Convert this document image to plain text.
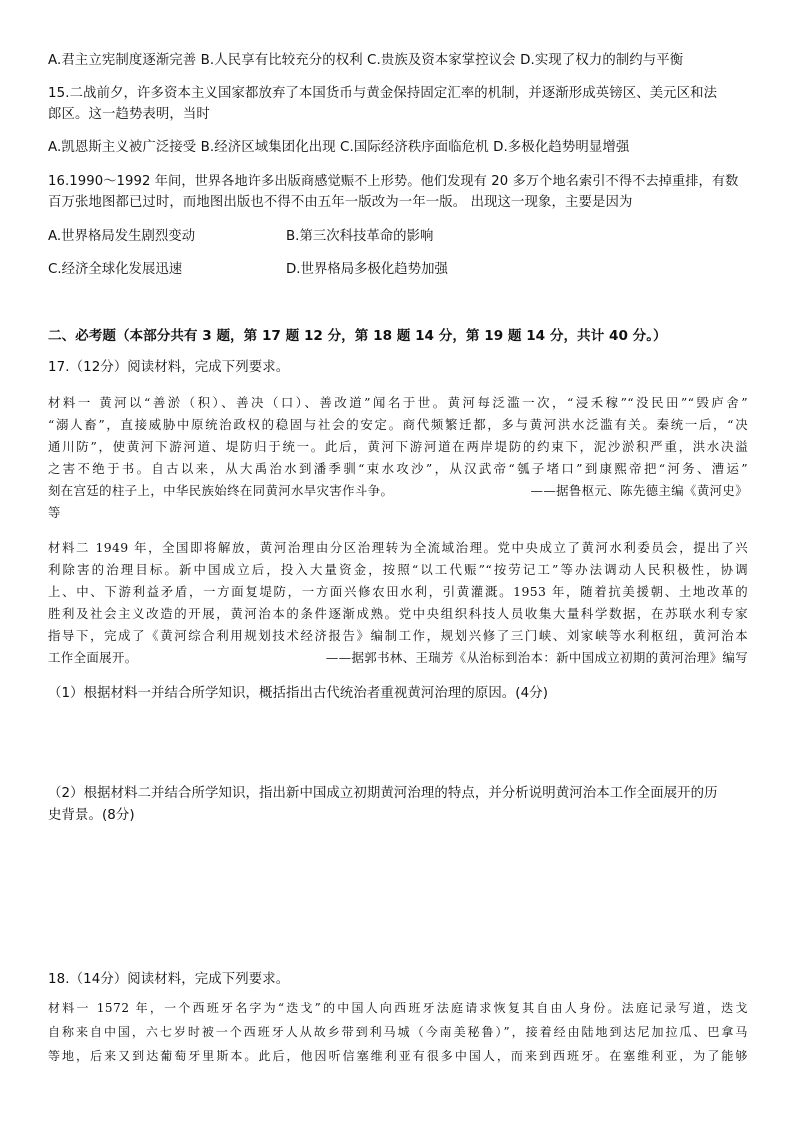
A.君主立宪制度逐渐完善 B.人民享有比较充分的权利 C.贵族及资本家掌控议会 D.实现了权力的制约与平衡
15.二战前夕，许多资本主义国家都放弃了本国货币与黄金保持固定汇率的机制，并逐渐形成英镑区、美元区和法
郎区。这一趋势表明，当时
A.凯恩斯主义被广泛接受 B.经济区域集团化出现 C.国际经济秩序面临危机 D.多极化趋势明显增强
16.1990～1992 年间，世界各地许多出版商感觉赈不上形势。他们发现有 20 多万个地名索引不得不去掉重排，有数
百万张地图都已过时，而地图出版也不得不由五年一版改为一年一版。 出现这一现象，主要是因为
A.世界格局发生剧烈变动	B.第三次科技革命的影响
C.经济全球化发展迅速	D.世界格局多极化趋势加强
二、必考题（本部分共有 3 题，第 17 题 12 分，第 18 题 14 分，第 19 题 14 分，共计 40 分。）
17.（12分）阅读材料，完成下列要求。
材料一 黄河以“善淤（积）、善决（口）、善改道”闻名于世。黄河每泛滥一次，“浸禾稼”“没民田”“毁庐舍”
“溺人畜”，直接威胁中原统治政权的稳固与社会的安定。商代频繁迁都，多与黄河洪水泛滥有关。秦统一后，“决
通川防”，使黄河下游河道、堤防归于统一。此后，黄河下游河道在两岸堤防的约束下，泥沙淤积严重，洪水决溢
之害不绝于书。自古以来，从大禹治水到潘季驯“束水攻沙”，从汉武帝“瓠子堵口”到康熙帝把“河务、漕运”
刻在宫廷的柱子上，中华民族始终在同黄河水旱灾害作斗争。	——据鲁枢元、陈先德主编《黄河史》
等
材料二 1949 年，全国即将解放，黄河治理由分区治理转为全流域治理。党中央成立了黄河水利委员会，提出了兴
利除害的治理目标。新中国成立后，投入大量资金，按照“以工代赈”“按劳记工”等办法调动人民积极性，协调
上、中、下游利益矛盾，一方面复堤防，一方面兴修农田水利，引黄灌溉。1953 年，随着抗美援朝、土地改革的
胜利及社会主义改造的开展，黄河治本的条件逐渐成熟。党中央组织科技人员收集大量科学数据，在苏联水利专家
指导下，完成了《黄河综合利用规划技术经济报告》编制工作，规划兴修了三门峡、刘家峡等水利枢纽，黄河治本
工作全面展开。	——据郭书林、王瑞芳《从治标到治本：新中国成立初期的黄河治理》编写
（1）根据材料一并结合所学知识，概括指出古代统治者重视黄河治理的原因。(4分)
（2）根据材料二并结合所学知识，指出新中国成立初期黄河治理的特点，并分析说明黄河治本工作全面展开的历
史背景。(8分)
18.（14分）阅读材料，完成下列要求。
材料一 1572 年，一个西班牙名字为“迭戈”的中国人向西班牙法庭请求恢复其自由人身份。法庭记录写道，迭戈
自称来自中国，六七岁时被一个西班牙人从故乡带到利马城（今南美秘鲁）”，接着经由陆地到达尼加拉瓜、巴拿马
等地，后来又到达葡萄牙里斯本。此后，他因听信塞维利亚有很多中国人，而来到西班牙。在塞维利亚，为了能够
